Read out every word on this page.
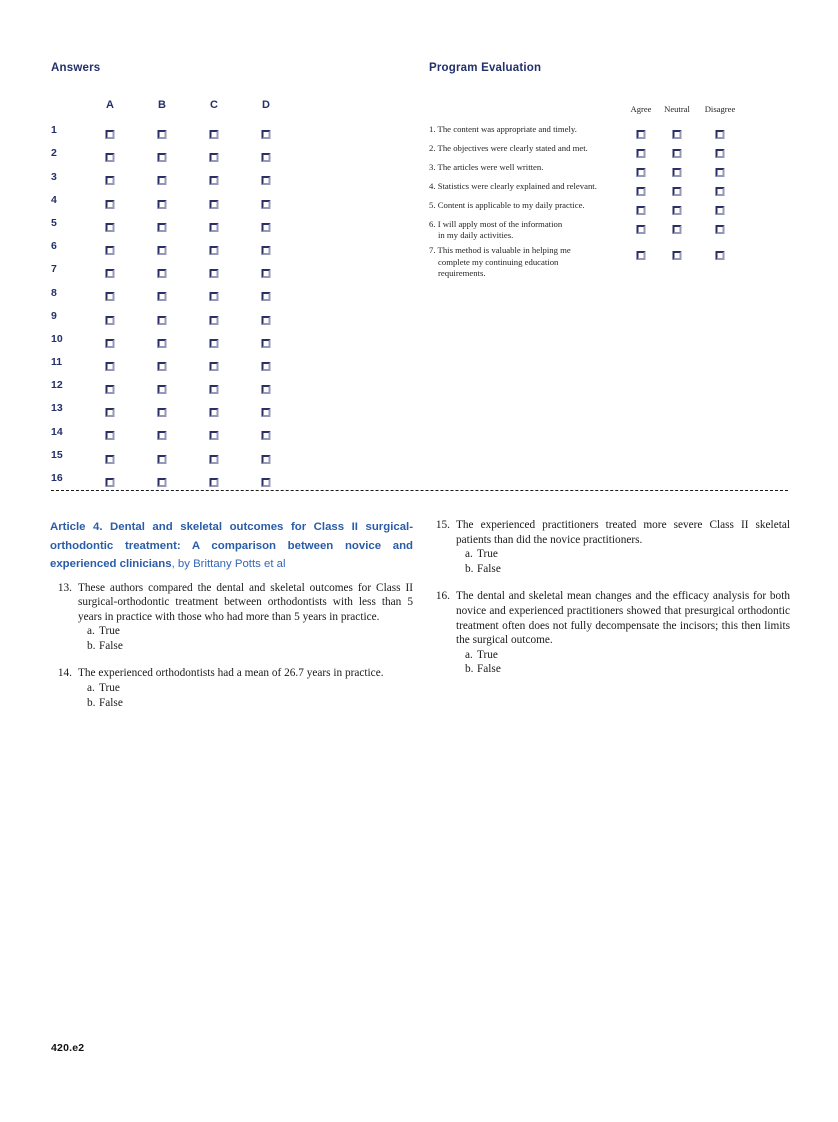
Answers
A	B	C	D
1
2
3
4
5
6
7
8
9
10
11
12
13
14
15
16
Program Evaluation
Agree Neutral Disagree
1. The content was appropriate and timely.
2. The objectives were clearly stated and met.
3. The articles were well written.
4. Statistics were clearly explained and relevant.
5. Content is applicable to my daily practice.
6. I will apply most of the information

in my daily activities.
7. This method is valuable in helping me

complete my continuing education
requirements.
Article 4. Dental and skeletal outcomes for Class II surgical-orthodontic treatment: A comparison between novice and experienced clinicians, by Brittany Potts et al
13. These authors compared the dental and skeletal outcomes for Class II surgical-orthodontic treatment between orthodontists with less than 5 years in practice with those who had more than 5 years in practice.
a. True
b. False
14. The experienced orthodontists had a mean of 26.7 years in practice.
a. True
b. False
15. The experienced practitioners treated more severe Class II skeletal patients than did the novice practitioners.
a. True
b. False
16. The dental and skeletal mean changes and the efficacy analysis for both novice and experienced practitioners showed that presurgical orthodontic treatment often does not fully decompensate the incisors; this then limits the surgical outcome.
a. True
b. False
420.e2
